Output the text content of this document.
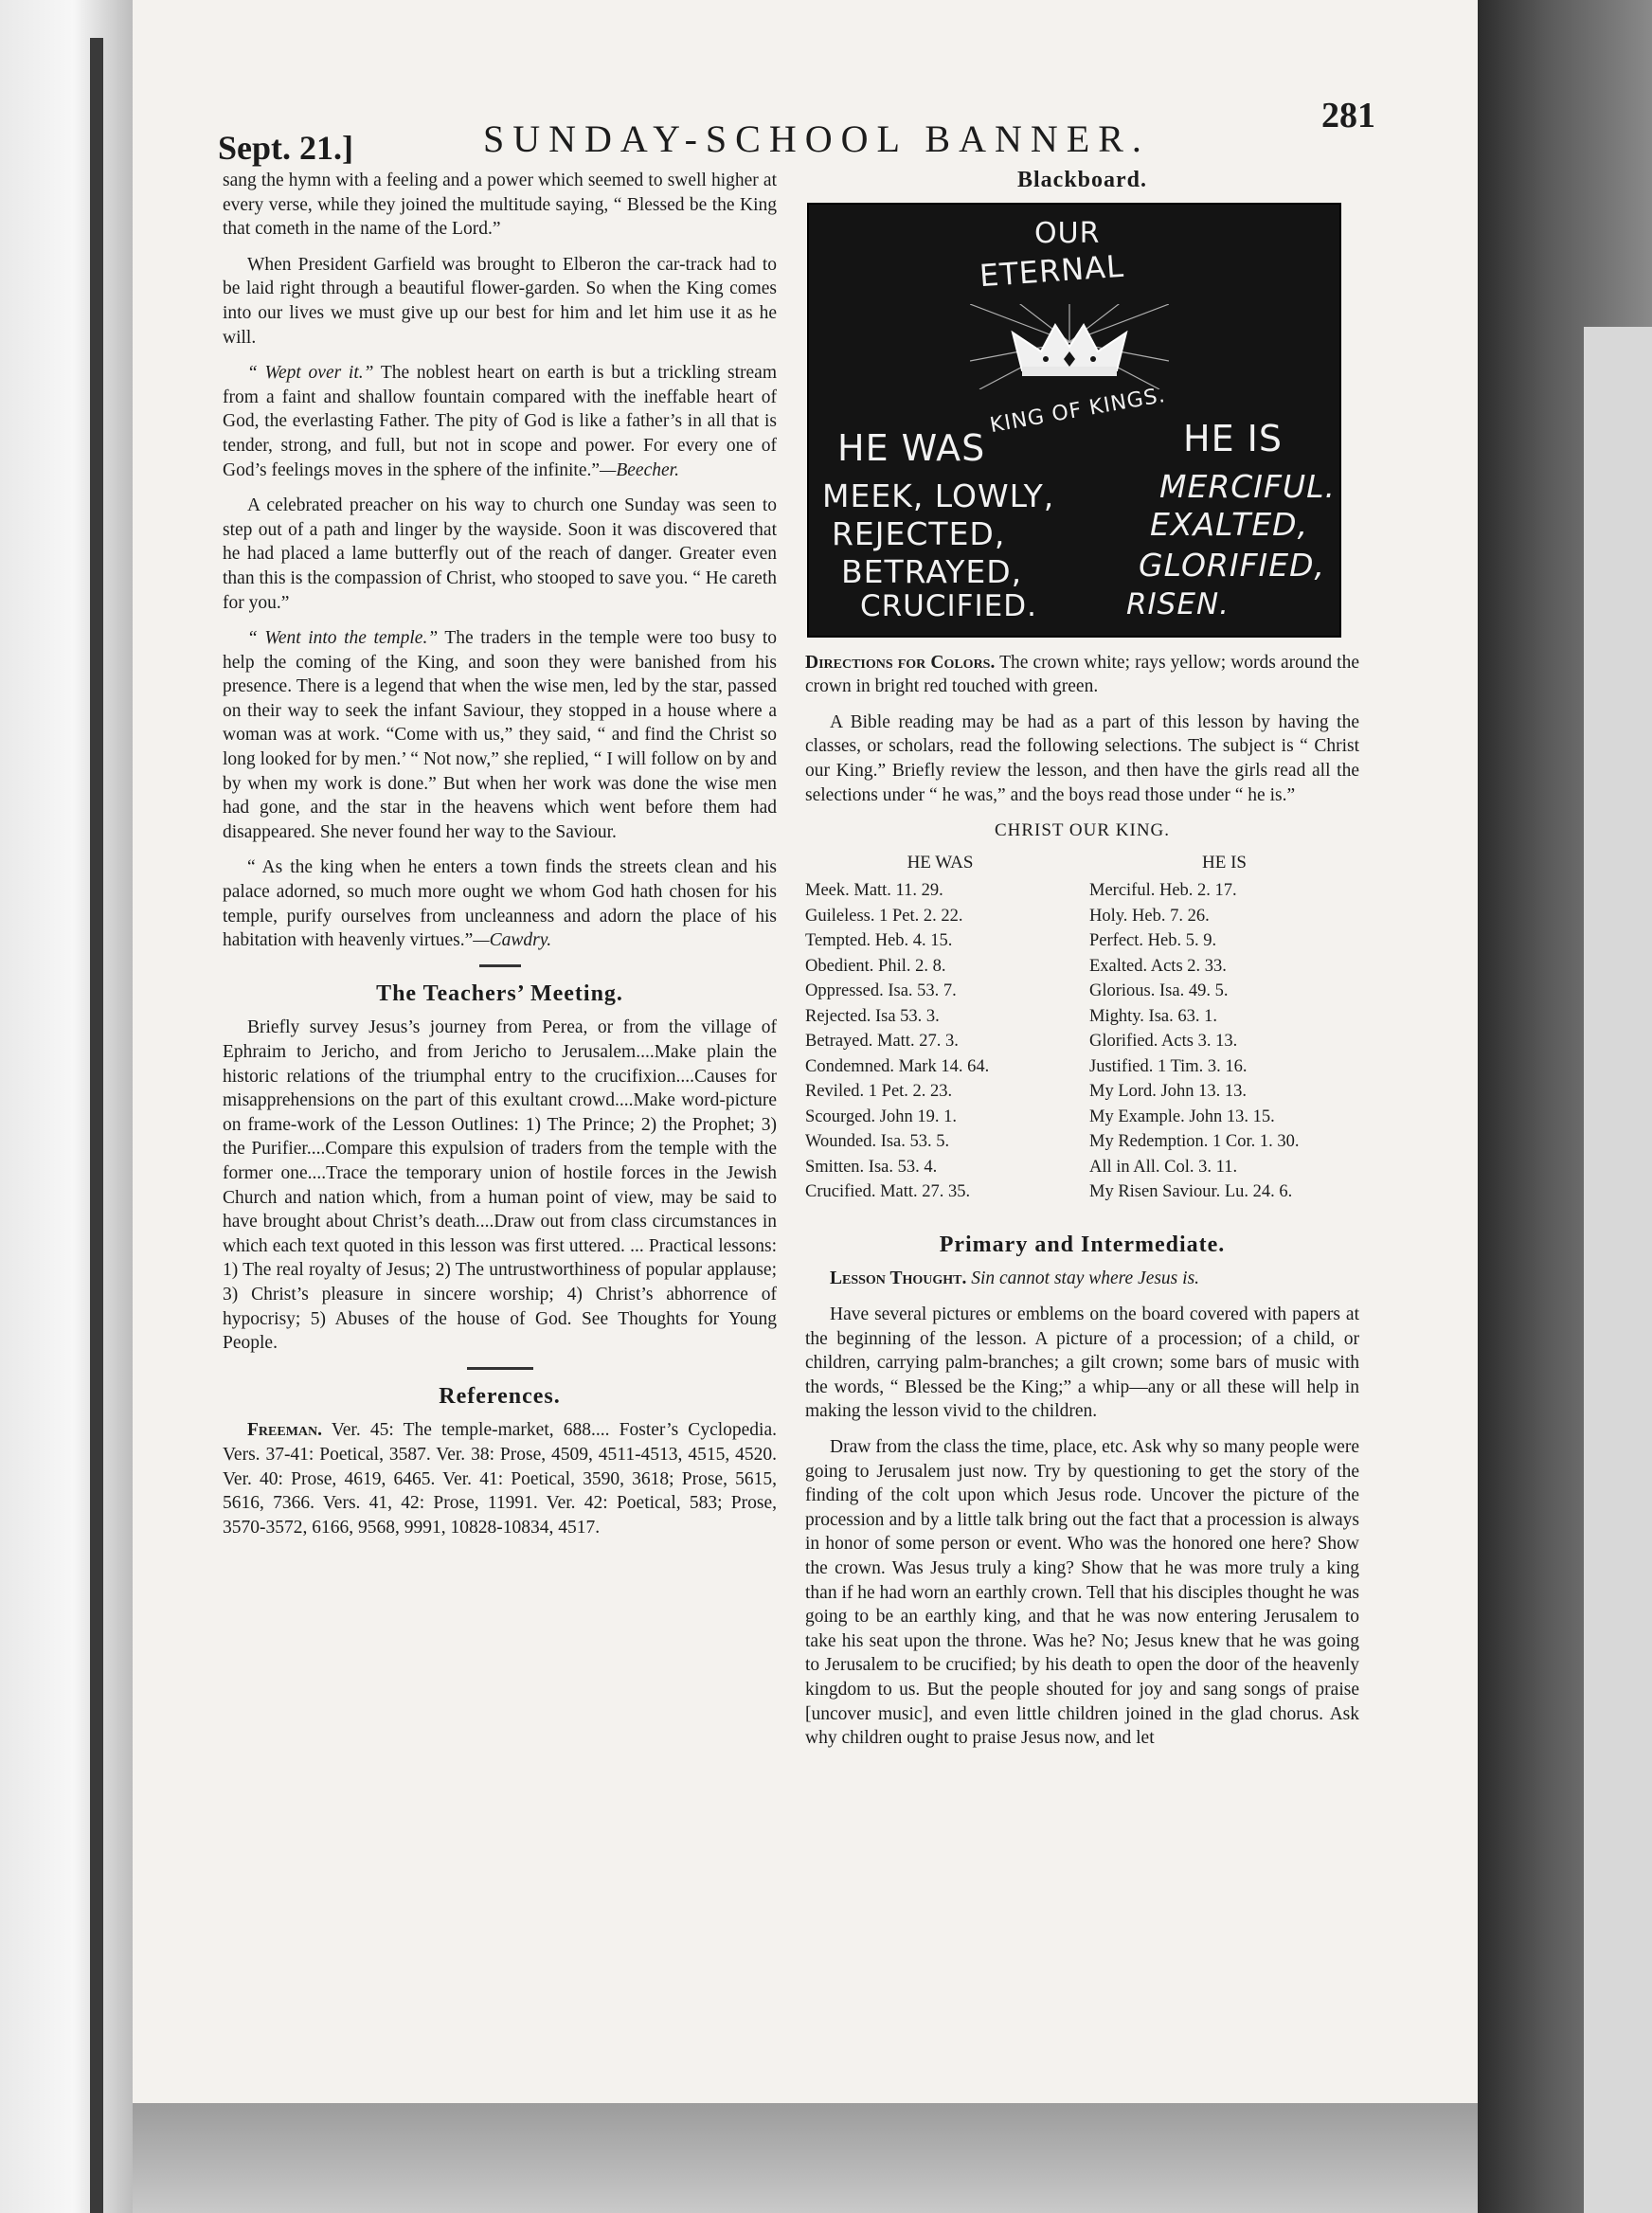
Sept. 21.]	SUNDAY-SCHOOL BANNER.
281

sang the hymn with a feeling and a power which seemed to swell higher at every verse, while they joined the multitude saying, “ Blessed be the King that cometh in the name of the Lord.”

When President Garfield was brought to Elberon the car-track had to be laid right through a beautiful flower-garden. So when the King comes into our lives we must give up our best for him and let him use it as he will.

“ Wept over it.” The noblest heart on earth is but a trickling stream from a faint and shallow fountain compared with the ineffable heart of God, the everlasting Father. The pity of God is like a father’s in all that is tender, strong, and full, but not in scope and power. For every one of God’s feelings moves in the sphere of the infinite.”—Beecher.

A celebrated preacher on his way to church one Sunday was seen to step out of a path and linger by the wayside. Soon it was discovered that he had placed a lame butterfly out of the reach of danger. Greater even than this is the compassion of Christ, who stooped to save you. “ He careth for you.”

“ Went into the temple.” The traders in the temple were too busy to help the coming of the King, and soon they were banished from his presence. There is a legend that when the wise men, led by the star, passed on their way to seek the infant Saviour, they stopped in a house where a woman was at work. “Come with us,” they said, “ and find the Christ so long looked for by men.’ “ Not now,” she replied, “ I will follow on by and by when my work is done.” But when her work was done the wise men had gone, and the star in the heavens which went before them had disappeared. She never found her way to the Saviour.

“ As the king when he enters a town finds the streets clean and his palace adorned, so much more ought we whom God hath chosen for his temple, purify ourselves from uncleanness and adorn the place of his habitation with heavenly virtues.”—Cawdry.

The Teachers’ Meeting.

Briefly survey Jesus’s journey from Perea, or from the village of Ephraim to Jericho, and from Jericho to Jerusalem....Make plain the historic relations of the triumphal entry to the crucifixion....Causes for misapprehensions on the part of this exultant crowd....Make word-picture on frame-work of the Lesson Outlines: 1) The Prince; 2) the Prophet; 3) the Purifier....Compare this expulsion of traders from the temple with the former one....Trace the temporary union of hostile forces in the Jewish Church and nation which, from a human point of view, may be said to have brought about Christ’s death....Draw out from class circumstances in which each text quoted in this lesson was first uttered. ... Practical lessons: 1) The real royalty of Jesus; 2) The untrustworthiness of popular applause; 3) Christ’s pleasure in sincere worship; 4) Christ’s abhorrence of hypocrisy; 5) Abuses of the house of God. See Thoughts for Young People.

References.

Freeman. Ver. 45: The temple-market, 688.... Foster’s Cyclopedia. Vers. 37-41: Poetical, 3587. Ver. 38: Prose, 4509, 4511-4513, 4515, 4520. Ver. 40: Prose, 4619, 6465. Ver. 41: Poetical, 3590, 3618; Prose, 5615, 5616, 7366. Vers. 41, 42: Prose, 11991. Ver. 42: Poetical, 583; Prose, 3570-3572, 6166, 9568, 9991, 10828-10834, 4517.

Blackboard.
OUR
ETERNAL
KING OF KINGS.
HE WAS	HE IS
MEEK, LOWLY,
REJECTED,
BETRAYED,
CRUCIFIED.
MERCIFUL.
EXALTED,
GLORIFIED,
RISEN.

Directions for Colors. The crown white; rays yellow; words around the crown in bright red touched with green.

A Bible reading may be had as a part of this lesson by having the classes, or scholars, read the following selections. The subject is “ Christ our King.” Briefly review the lesson, and then have the girls read all the selections under “ he was,” and the boys read those under “ he is.”

CHRIST OUR KING.
HE WAS
Meek. Matt. 11. 29.
Guileless. 1 Pet. 2. 22.
Tempted. Heb. 4. 15.
Obedient. Phil. 2. 8.
Oppressed. Isa. 53. 7.
Rejected. Isa 53. 3.
Betrayed. Matt. 27. 3.
Condemned. Mark 14. 64.
Reviled. 1 Pet. 2. 23.
Scourged. John 19. 1.
Wounded. Isa. 53. 5.
Smitten. Isa. 53. 4.
Crucified. Matt. 27. 35.
HE IS
Merciful. Heb. 2. 17.
Holy. Heb. 7. 26.
Perfect. Heb. 5. 9.
Exalted. Acts 2. 33.
Glorious. Isa. 49. 5.
Mighty. Isa. 63. 1.
Glorified. Acts 3. 13.
Justified. 1 Tim. 3. 16.
My Lord. John 13. 13.
My Example. John 13. 15.
My Redemption. 1 Cor. 1. 30.
All in All. Col. 3. 11.
My Risen Saviour. Lu. 24. 6.
Primary and Intermediate.

Lesson Thought. Sin cannot stay where Jesus is.

Have several pictures or emblems on the board covered with papers at the beginning of the lesson. A picture of a procession; of a child, or children, carrying palm-branches; a gilt crown; some bars of music with the words, “ Blessed be the King;” a whip—any or all these will help in making the lesson vivid to the children.

Draw from the class the time, place, etc. Ask why so many people were going to Jerusalem just now. Try by questioning to get the story of the finding of the colt upon which Jesus rode. Uncover the picture of the procession and by a little talk bring out the fact that a procession is always in honor of some person or event. Who was the honored one here? Show the crown. Was Jesus truly a king? Show that he was more truly a king than if he had worn an earthly crown. Tell that his disciples thought he was going to be an earthly king, and that he was now entering Jerusalem to take his seat upon the throne. Was he? No; Jesus knew that he was going to Jerusalem to be crucified; by his death to open the door of the heavenly kingdom to us. But the people shouted for joy and sang songs of praise [uncover music], and even little children joined in the glad chorus. Ask why children ought to praise Jesus now, and let
